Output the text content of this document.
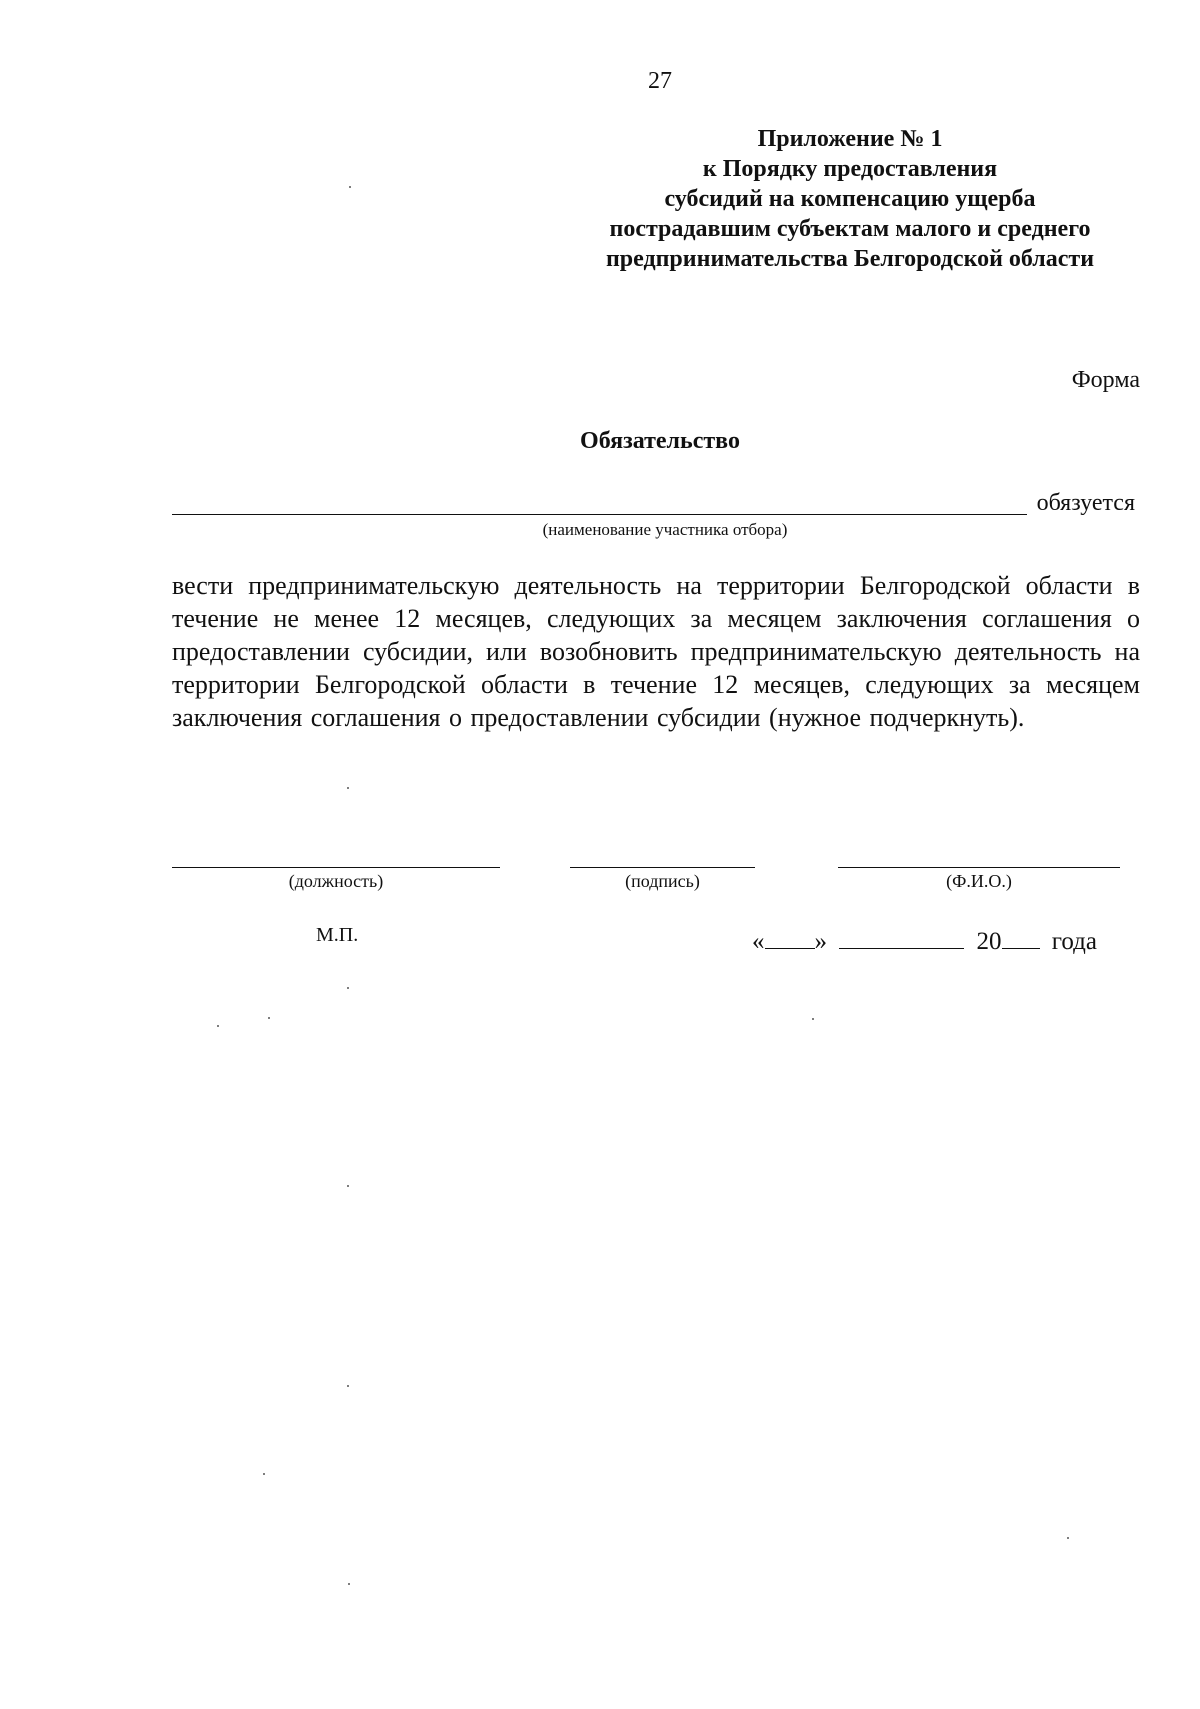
27
Приложение № 1
к Порядку предоставления
субсидий на компенсацию ущерба
пострадавшим субъектам малого и среднего
предпринимательства Белгородской области
Форма
Обязательство
обязуется
(наименование участника отбора)
вести предпринимательскую деятельность на территории Белгородской области в течение не менее 12 месяцев, следующих за месяцем заключения соглашения о предоставлении субсидии, или возобновить предпринимательскую деятельность на территории Белгородской области в течение 12 месяцев, следующих за месяцем заключения соглашения о предоставлении субсидии (нужное подчеркнуть).
(должность)	(подпись)	(Ф.И.О.)
М.П.	« »	20 года
